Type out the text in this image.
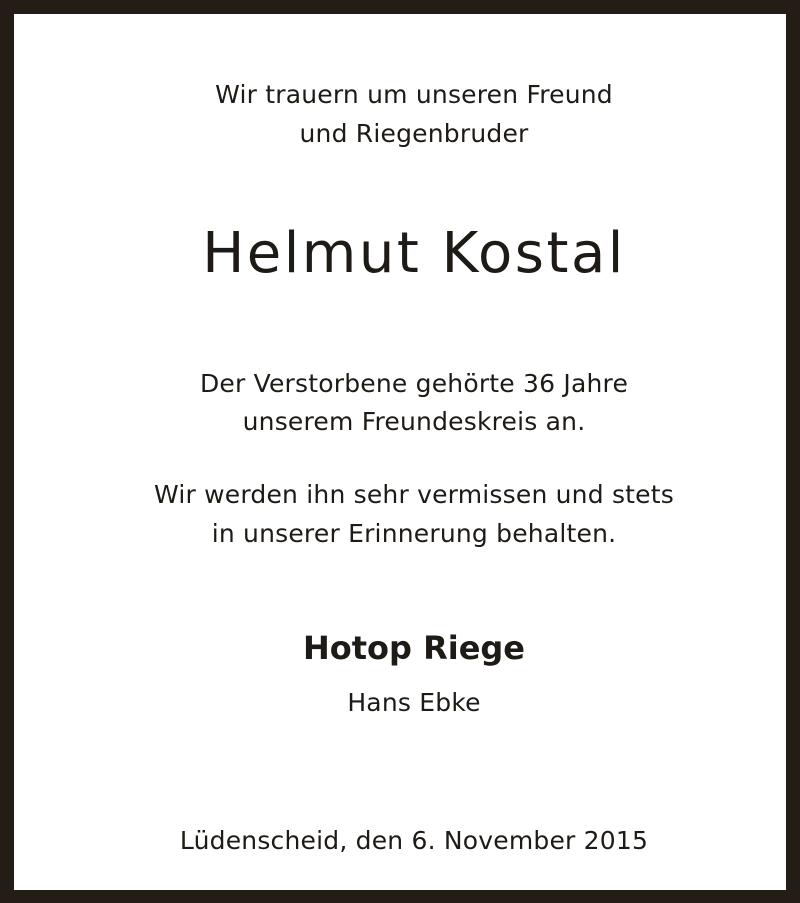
Wir trauern um unseren Freund
und Riegenbruder
Helmut Kostal
Der Verstorbene gehörte 36 Jahre
unserem Freundeskreis an.
Wir werden ihn sehr vermissen und stets
in unserer Erinnerung behalten.
Hotop Riege
Hans Ebke
Lüdenscheid, den 6. November 2015
